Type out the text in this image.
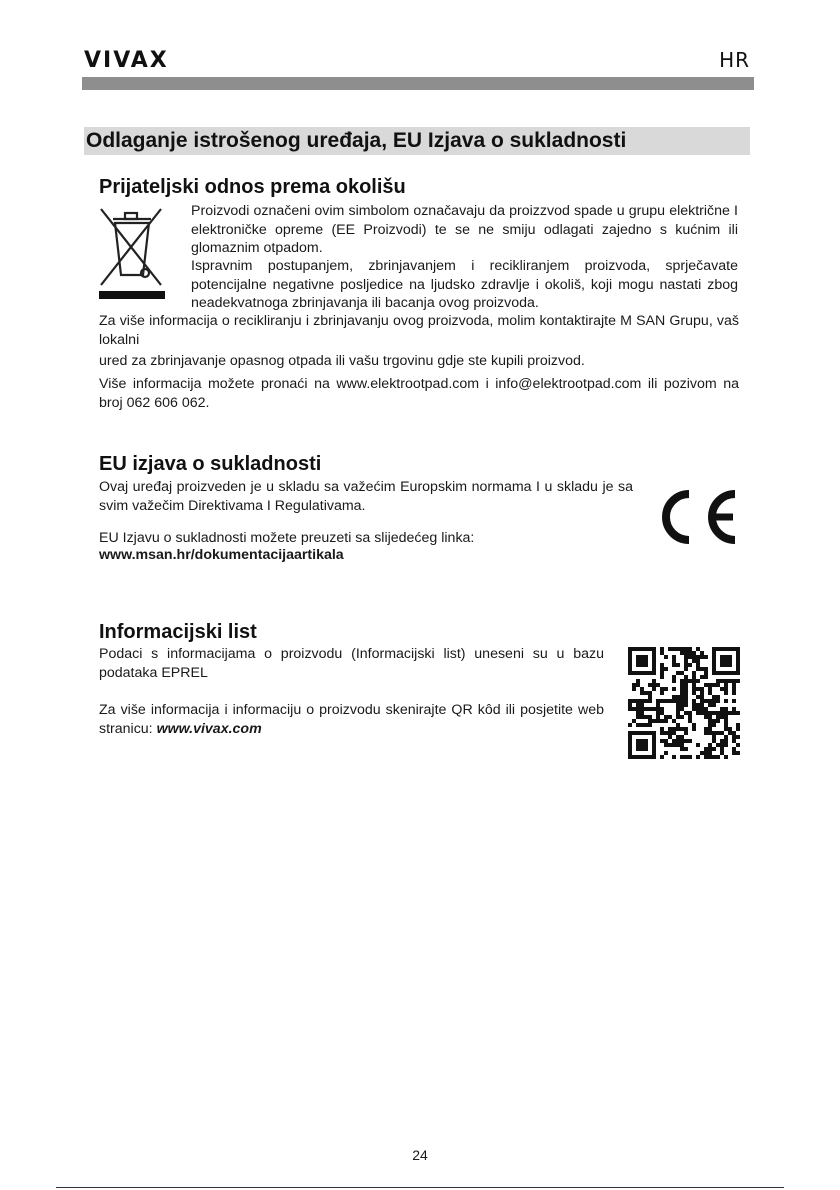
VIVAX	HR
Odlaganje istrošenog uređaja, EU Izjava o sukladnosti
Prijateljski odnos prema okolišu
Proizvodi označeni ovim simbolom označavaju da proizzvod spade u grupu električne I elektroničke opreme (EE Proizvodi) te se ne smiju odlagati zajedno s kućnim ili glomaznim otpadom.
Ispravnim postupanjem, zbrinjavanjem i recikliranjem proizvoda, sprječavate potencijalne negativne posljedice na ljudsko zdravlje i okoliš, koji mogu nastati zbog neadekvatnoga zbrinjavanja ili bacanja ovog proizvoda.
Za više informacija o recikliranju i zbrinjavanju ovog proizvoda, molim kontaktirajte M SAN Grupu, vaš lokalni
ured za zbrinjavanje opasnog otpada ili vašu trgovinu gdje ste kupili proizvod.
Više informacija možete pronaći na www.elektrootpad.com i info@elektrootpad.com ili pozivom na broj 062 606 062.
EU izjava o sukladnosti
Ovaj uređaj proizveden je u skladu sa važećim Europskim normama I u skladu je sa svim važečim Direktivama I Regulativama.
EU Izjavu o sukladnosti možete preuzeti sa slijedećeg linka:
www.msan.hr/dokumentacijaartikala
Informacijski list
Podaci s informacijama o proizvodu (Informacijski list) uneseni su u bazu podataka EPREL
Za više informacija i informaciju o proizvodu skenirajte QR kôd ili posjetite web stranicu: www.vivax.com
24
